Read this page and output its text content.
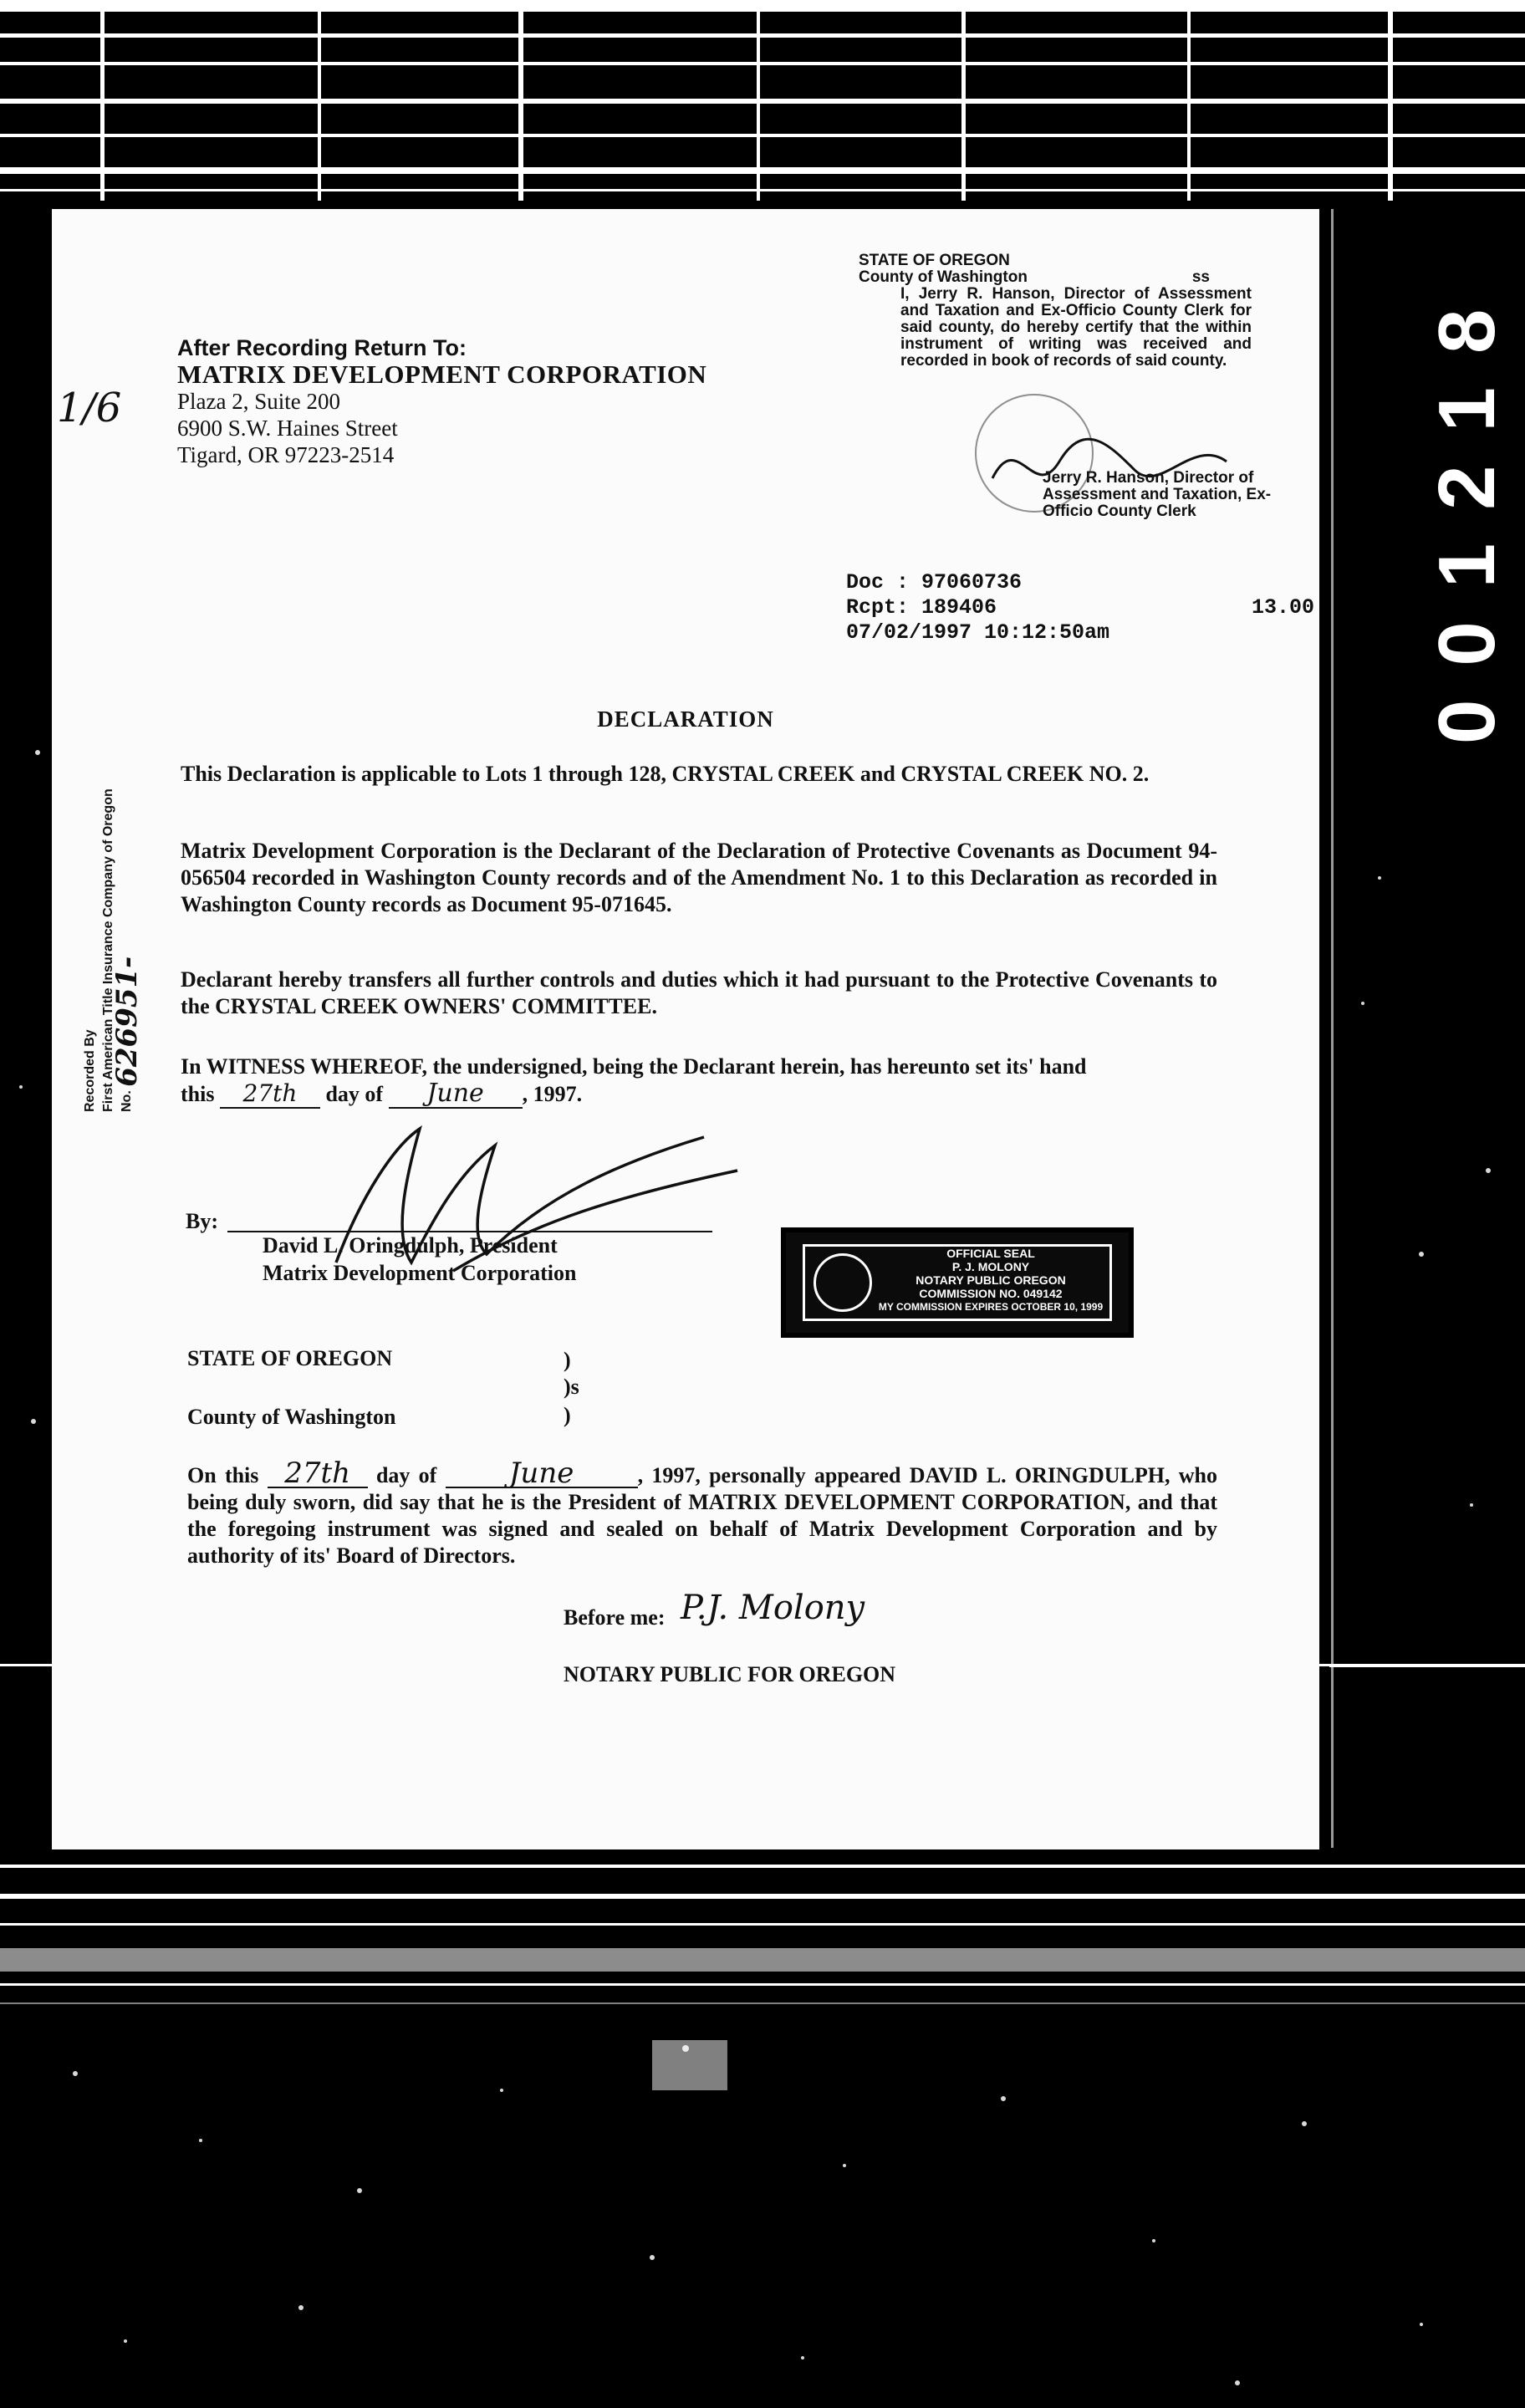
001218
After Recording Return To:
MATRIX DEVELOPMENT CORPORATION
Plaza 2, Suite 200
6900 S.W. Haines Street
Tigard, OR 97223-2514
1/6
STATE OF OREGON
County of Washington	ss
I, Jerry R. Hanson, Director of Assessment and Taxation and Ex-Officio County Clerk for said county, do hereby certify that the within instrument of writing was received and recorded in book of records of said county.
Jerry R. Hanson, Director of
Assessment and Taxation, Ex-
Officio County Clerk
Doc : 97060736
Rcpt: 189406
07/02/1997 10:12:50am
13.00
Recorded By First American Title Insurance Company of Oregon No. 626951-
DECLARATION
This Declaration is applicable to Lots 1 through 128, CRYSTAL CREEK and CRYSTAL CREEK NO. 2.
Matrix Development Corporation is the Declarant of the Declaration of Protective Covenants as Document 94-056504 recorded in Washington County records and of the Amendment No. 1 to this Declaration as recorded in Washington County records as Document 95-071645.
Declarant hereby transfers all further controls and duties which it had pursuant to the Protective Covenants to the CRYSTAL CREEK OWNERS' COMMITTEE.
In WITNESS WHEREOF, the undersigned, being the Declarant herein, has hereunto set its' hand
this 27th day of June , 1997.
By:
David L. Oringdulph, President
Matrix Development Corporation
OFFICIAL SEAL
P. J. MOLONY
NOTARY PUBLIC OREGON
COMMISSION NO. 049142
MY COMMISSION EXPIRES OCTOBER 10, 1999
STATE OF OREGON	)
)s
County of Washington	)
On this 27th day of	June	, 1997, personally appeared DAVID L. ORINGDULPH, who being duly sworn, did say that he is the President of MATRIX DEVELOPMENT CORPORATION, and that the foregoing instrument was signed and sealed on behalf of Matrix Development Corporation and by authority of its' Board of Directors.
Before me: P.J. Molony
NOTARY PUBLIC FOR OREGON
